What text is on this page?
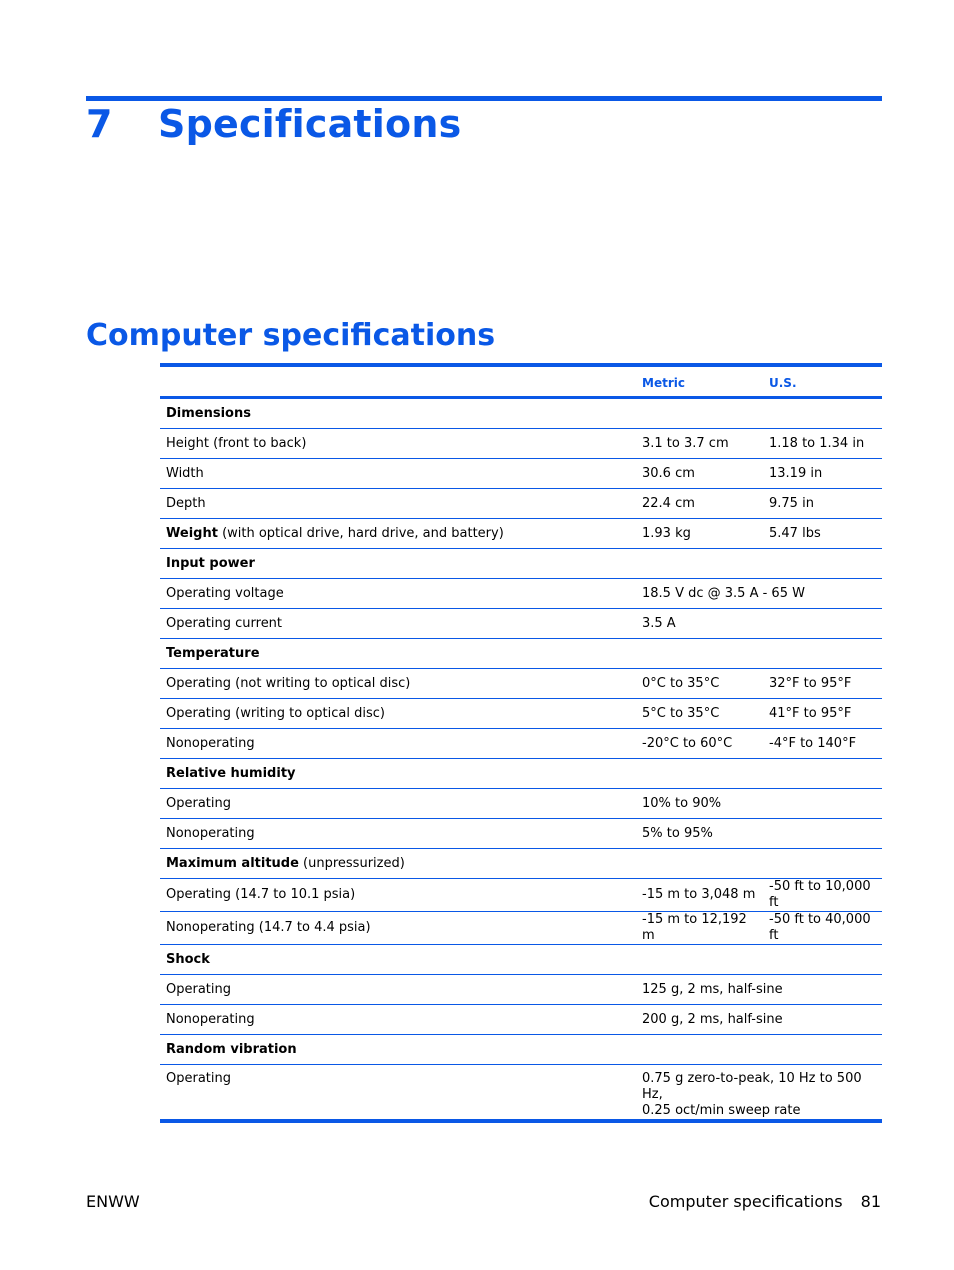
7 Specifications
Computer specifications
	Metric	U.S.
Dimensions		
Height (front to back)	3.1 to 3.7 cm	1.18 to 1.34 in
Width	30.6 cm	13.19 in
Depth	22.4 cm	9.75 in
Weight (with optical drive, hard drive, and battery)	1.93 kg	5.47 lbs
Input power		
Operating voltage	18.5 V dc @ 3.5 A - 65 W	
Operating current	3.5 A	
Temperature		
Operating (not writing to optical disc)	0°C to 35°C	32°F to 95°F
Operating (writing to optical disc)	5°C to 35°C	41°F to 95°F
Nonoperating	-20°C to 60°C	-4°F to 140°F
Relative humidity		
Operating	10% to 90%	
Nonoperating	5% to 95%	
Maximum altitude (unpressurized)		
Operating (14.7 to 10.1 psia)	-15 m to 3,048 m	-50 ft to 10,000 ft
Nonoperating (14.7 to 4.4 psia)	-15 m to 12,192 m	-50 ft to 40,000 ft
Shock		
Operating	125 g, 2 ms, half-sine	
Nonoperating	200 g, 2 ms, half-sine	
Random vibration		
Operating	0.75 g zero-to-peak, 10 Hz to 500 Hz,
0.25 oct/min sweep rate	
ENWW	Computer specifications 81
